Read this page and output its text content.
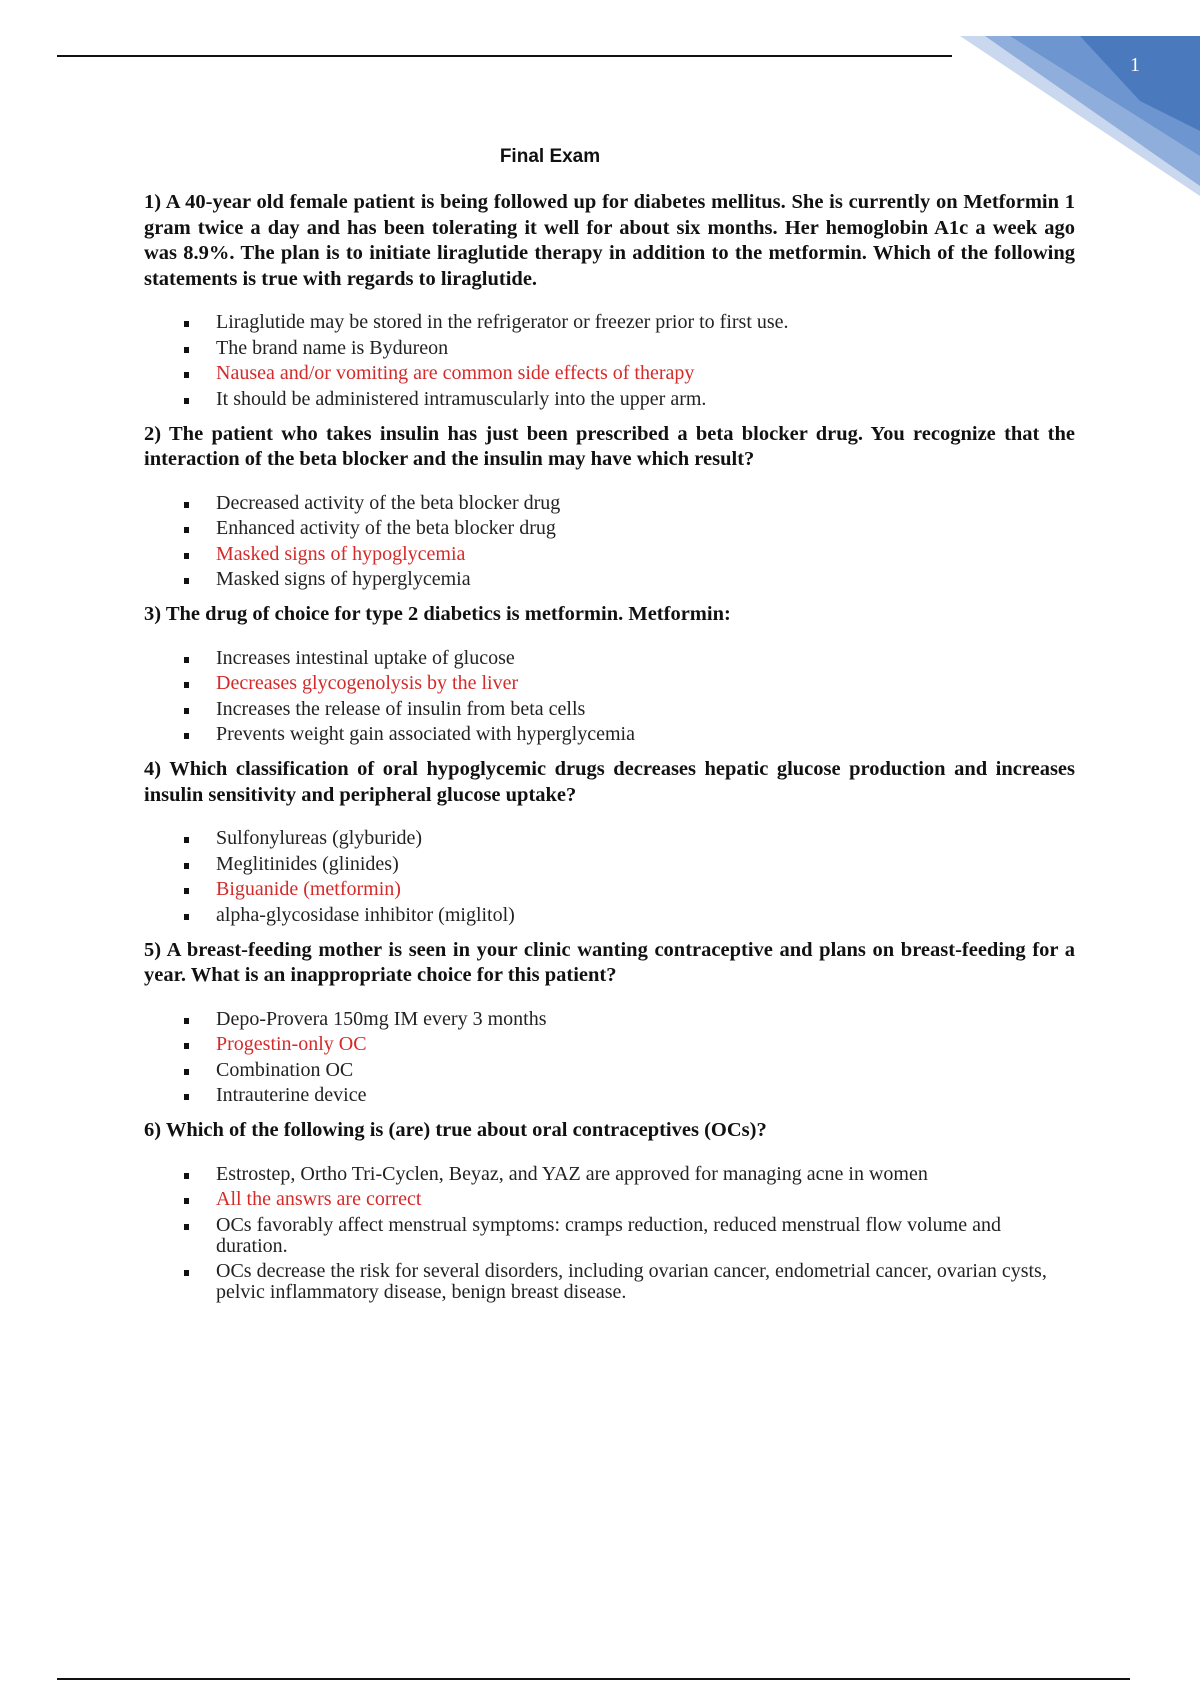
1
Final Exam

1) A 40-year old female patient is being followed up for diabetes mellitus. She is currently on Metformin 1 gram twice a day and has been tolerating it well for about six months. Her hemoglobin A1c a week ago was 8.9%. The plan is to initiate liraglutide therapy in addition to the metformin. Which of the following statements is true with regards to liraglutide.

Liraglutide may be stored in the refrigerator or freezer prior to first use.
The brand name is Bydureon
Nausea and/or vomiting are common side effects of therapy
It should be administered intramuscularly into the upper arm.

2) The patient who takes insulin has just been prescribed a beta blocker drug. You recognize that the interaction of the beta blocker and the insulin may have which result?

Decreased activity of the beta blocker drug
Enhanced activity of the beta blocker drug
Masked signs of hypoglycemia
Masked signs of hyperglycemia

3) The drug of choice for type 2 diabetics is metformin. Metformin:

Increases intestinal uptake of glucose
Decreases glycogenolysis by the liver
Increases the release of insulin from beta cells
Prevents weight gain associated with hyperglycemia

4) Which classification of oral hypoglycemic drugs decreases hepatic glucose production and increases insulin sensitivity and peripheral glucose uptake?

Sulfonylureas (glyburide)
Meglitinides (glinides)
Biguanide (metformin)
alpha-glycosidase inhibitor (miglitol)

5) A breast-feeding mother is seen in your clinic wanting contraceptive and plans on breast-feeding for a year. What is an inappropriate choice for this patient?

Depo-Provera 150mg IM every 3 months
Progestin-only OC
Combination OC
Intrauterine device

6) Which of the following is (are) true about oral contraceptives (OCs)?

Estrostep, Ortho Tri-Cyclen, Beyaz, and YAZ are approved for managing acne in women
All the answrs are correct
OCs favorably affect menstrual symptoms: cramps reduction, reduced menstrual flow volume and duration.
OCs decrease the risk for several disorders, including ovarian cancer, endometrial cancer, ovarian cysts, pelvic inflammatory disease, benign breast disease.
